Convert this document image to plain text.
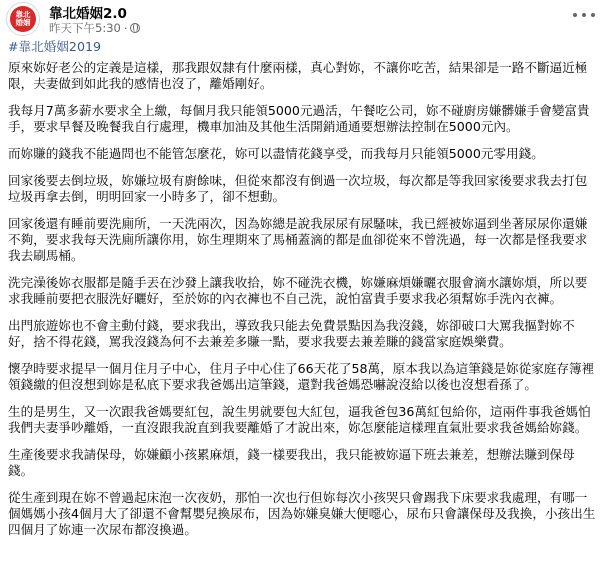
靠北婚姻
靠北婚姻2.0
昨天下午5:30 ·
#靠北婚姻2019

原來妳好老公的定義是這樣，那我跟奴隸有什麼兩樣，真心對妳，不讓你吃苦，結果卻是一路不斷逼近極限，夫妻做到如此我的感情也沒了，離婚剛好。

我每月7萬多薪水要求全上繳，每個月我只能領5000元過活，午餐吃公司，妳不碰廚房嫌髒嫌手會變富貴手，要求早餐及晚餐我自行處理，機車加油及其他生活開銷通通要想辦法控制在5000元內。

而妳賺的錢我不能過問也不能管怎麼花，妳可以盡情花錢享受，而我每月只能領5000元零用錢。

回家後要去倒垃圾，妳嫌垃圾有廚餘味，但從來都沒有倒過一次垃圾，每次都是等我回家後要求我去打包垃圾再拿去倒，明明回家一小時多了，卻不想動。

回家後還有睡前要洗廁所，一天洗兩次，因為妳總是說我尿尿有尿騷味，我已經被妳逼到坐著尿尿你還嫌不夠，要求我每天洗廁所讓你用，妳生理期來了馬桶蓋滴的都是血卻從來不曾洗過，每一次都是怪我要求我去刷馬桶。

洗完澡後妳衣服都是隨手丟在沙發上讓我收拾，妳不碰洗衣機，妳嫌麻煩嫌曬衣服會滴水讓妳煩，所以要求我睡前要把衣服洗好曬好，至於妳的內衣褲也不自己洗，說怕富貴手要求我必須幫妳手洗內衣褲。

出門旅遊妳也不會主動付錢，要求我出，導致我只能去免費景點因為我沒錢，妳卻破口大罵我摳對妳不好，捨不得花錢，罵我沒錢為何不去兼差多賺一點，要求我要去兼差賺的錢當家庭娛樂費。

懷孕時要求提早一個月住月子中心，住月子中心住了66天花了58萬，原本我以為這筆錢是妳從家庭存簿裡領錢繳的但沒想到妳是私底下要求我爸媽出這筆錢，還對我爸媽恐嚇說沒給以後也沒想看孫了。

生的是男生，又一次跟我爸媽要紅包，說生男就要包大紅包，逼我爸包36萬紅包給你，這兩件事我爸媽怕我們夫妻爭吵離婚，一直沒跟我說直到我要離婚了才說出來，妳怎麼能這樣理直氣壯要求我爸媽給妳錢。

生產後要求我請保母，妳嫌顧小孩累麻煩，錢一樣要我出，我只能被妳逼下班去兼差，想辦法賺到保母錢。

從生產到現在妳不曾過起床泡一次夜奶，那怕一次也行但妳每次小孩哭只會踢我下床要求我處理，有哪一個媽媽小孩4個月大了卻還不會幫嬰兒換尿布，因為妳嫌臭嫌大便噁心，尿布只會讓保母及我換，小孩出生四個月了妳連一次尿布都沒換過。
